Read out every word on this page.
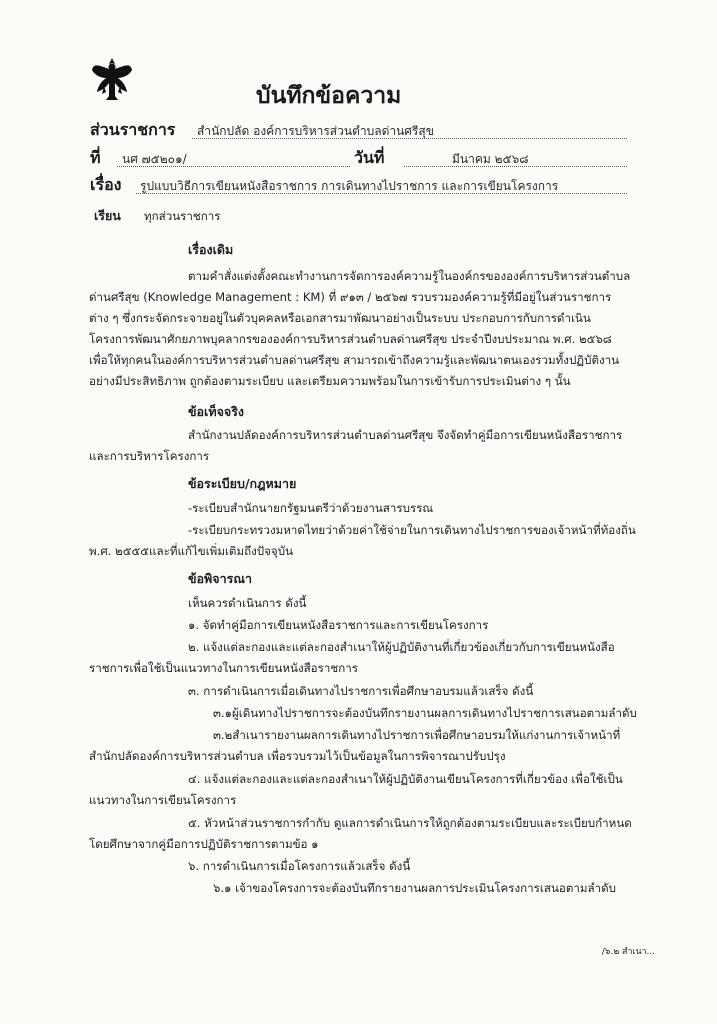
บันทึกข้อความ
ส่วนราชการ สำนักปลัด องค์การบริหารส่วนตำบลด่านศรีสุข
ที่ นศ ๗๕๒๐๑/	วันที่	มีนาคม ๒๕๖๘
เรื่อง รูปแบบวิธีการเขียนหนังสือราชการ การเดินทางไปราชการ และการเขียนโครงการ
เรียน ทุกส่วนราชการ
เรื่องเดิม
ตามคำสั่งแต่งตั้งคณะทำงานการจัดการองค์ความรู้ในองค์กรขององค์การบริหารส่วนตำบล
ด่านศรีสุข (Knowledge Management : KM) ที่ ๙๑๓ / ๒๕๖๗ รวบรวมองค์ความรู้ที่มีอยู่ในส่วนราชการ
ต่าง ๆ ซึ่งกระจัดกระจายอยู่ในตัวบุคคลหรือเอกสารมาพัฒนาอย่างเป็นระบบ ประกอบการกับการดำเนิน
โครงการพัฒนาศักยภาพบุคลากรขององค์การบริหารส่วนตำบลด่านศรีสุข ประจำปีงบประมาณ พ.ศ. ๒๕๖๘
เพื่อให้ทุกคนในองค์การบริหารส่วนตำบลด่านศรีสุข สามารถเข้าถึงความรู้และพัฒนาตนเองรวมทั้งปฏิบัติงาน
อย่างมีประสิทธิภาพ ถูกต้องตามระเบียบ และเตรียมความพร้อมในการเข้ารับการประเมินต่าง ๆ นั้น
ข้อเท็จจริง
สำนักงานปลัดองค์การบริหารส่วนตำบลด่านศรีสุข จึงจัดทำคู่มือการเขียนหนังสือราชการ
และการบริหารโครงการ
ข้อระเบียบ/กฎหมาย
-ระเบียบสำนักนายกรัฐมนตรีว่าด้วยงานสารบรรณ
-ระเบียบกระทรวงมหาดไทยว่าด้วยค่าใช้จ่ายในการเดินทางไปราชการของเจ้าหน้าที่ท้องถิ่น
พ.ศ. ๒๕๕๕และที่แก้ไขเพิ่มเติมถึงปัจจุบัน
ข้อพิจารณา
เห็นควรดำเนินการ ดังนี้
๑. จัดทำคู่มือการเขียนหนังสือราชการและการเขียนโครงการ
๒. แจ้งแต่ละกองและแต่ละกองสำเนาให้ผู้ปฏิบัติงานที่เกี่ยวข้องเกี่ยวกับการเขียนหนังสือ
ราชการเพื่อใช้เป็นแนวทางในการเขียนหนังสือราชการ
๓. การดำเนินการเมื่อเดินทางไปราชการเพื่อศึกษาอบรมแล้วเสร็จ ดังนี้
๓.๑ผู้เดินทางไปราชการจะต้องบันทึกรายงานผลการเดินทางไปราชการเสนอตามลำดับ
๓.๒สำเนารายงานผลการเดินทางไปราชการเพื่อศึกษาอบรมให้แก่งานการเจ้าหน้าที่
สำนักปลัดองค์การบริหารส่วนตำบล เพื่อรวบรวมไว้เป็นข้อมูลในการพิจารณาปรับปรุง
๔. แจ้งแต่ละกองและแต่ละกองสำเนาให้ผู้ปฏิบัติงานเขียนโครงการที่เกี่ยวข้อง เพื่อใช้เป็น
แนวทางในการเขียนโครงการ
๕. หัวหน้าส่วนราชการกำกับ ดูแลการดำเนินการให้ถูกต้องตามระเบียบและระเบียบกำหนด
โดยศึกษาจากคู่มือการปฏิบัติราชการตามข้อ ๑
๖. การดำเนินการเมื่อโครงการแล้วเสร็จ ดังนี้
๖.๑ เจ้าของโครงการจะต้องบันทึกรายงานผลการประเมินโครงการเสนอตามลำดับ
/๖.๒ สำเนา...
